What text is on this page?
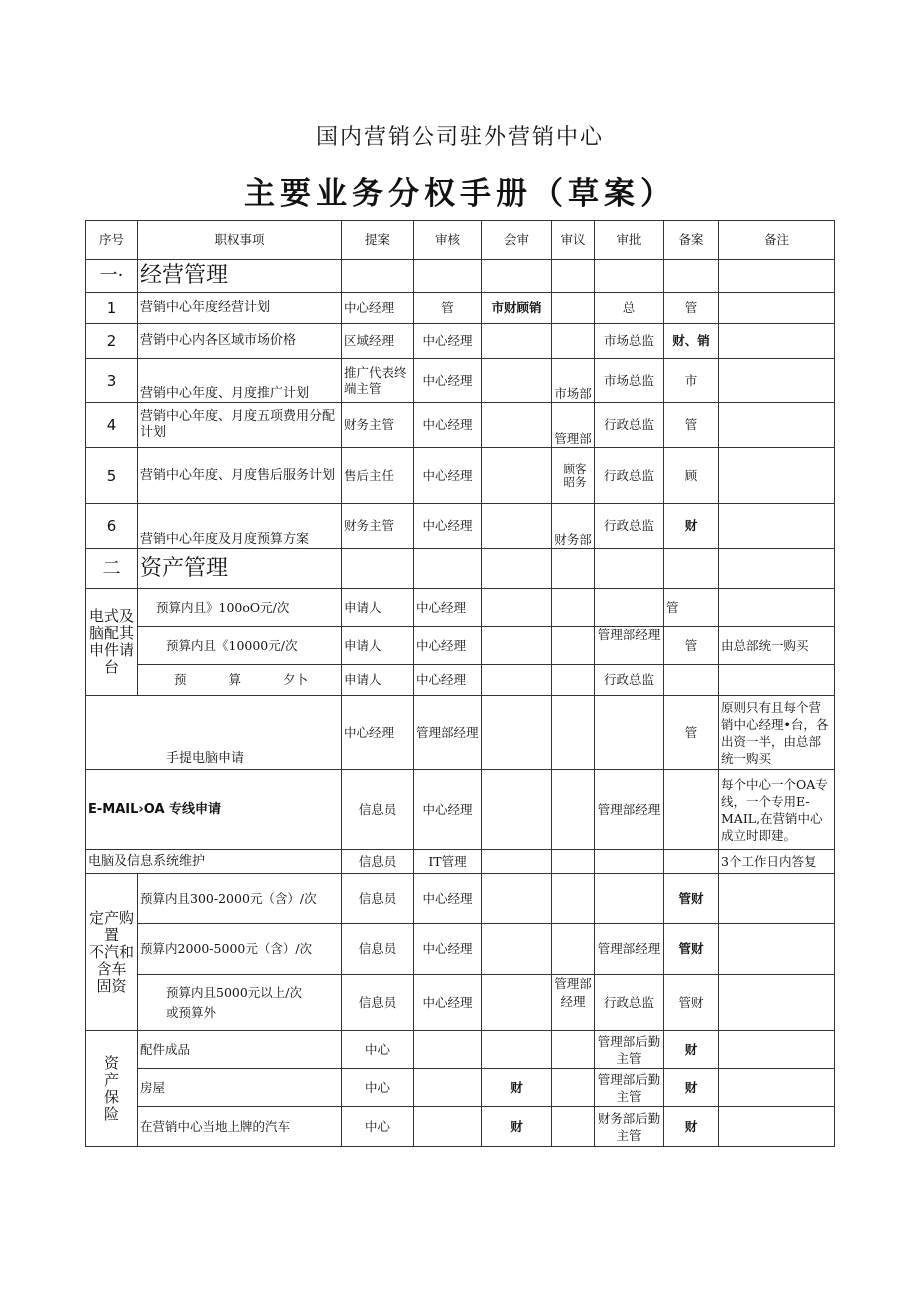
国内营销公司驻外营销中心
主要业务分权手册（草案）
序号	职权事项	提案	审核	会审	审议	审批	备案	备注
一·	经营管理							
1	营销中心年度经营计划	中心经理	管	市财顾销		总	管	
2	营销中心内各区域市场价格	区域经理	中心经理			市场总监	财、销	
3	营销中心年度、月度推广计划	推广代表终端主管	中心经理		市场部	市场总监	市	
4	营销中心年度、月度五项费用分配计划	财务主管	中心经理		管理部	行政总监	管	
5	营销中心年度、月度售后服务计划	售后主任	中心经理		顾客昭务	行政总监	顾	
6	营销中心年度及月度预算方案	财务主管	中心经理		财务部	行政总监	财	
二	资产管理							
电式及脑配其申件请台	预算内且》100oO元/次	申请人	中心经理				管	
	预算内且《10000元/次	申请人	中心经理			管理部经理	管	由总部统一购买
	预 算 夕卜	申请人	中心经理			行政总监		
手提电脑申请		中心经理	管理部经理				管	原则只有且每个营销中心经理•台，各出资一半，由总部统一购买
E-MAIL›OA 专线申请		信息员	中心经理			管理部经理		每个中心一个OA专线，一个专用E-MAIL,在营销中心成立时即建。
电脑及信息系统维护		信息员	IT管理					3个工作日内答复

定产购置
不汽和
含车
固资	预算内且300-2000元（含）/次	信息员	中心经理				管财	
	预算内2000-5000元（含）/次	信息员	中心经理			管理部经理	管财	
	预算内且5000元以上/次或预算外	信息员	中心经理		管理部经理	行政总监	管财	
资产保险	配件成品	中心				管理部后勤主管	财	
	房屋	中心		财		管理部后勤主管	财	
	在营销中心当地上牌的汽车	中心		财		财务部后勤主管	财	
